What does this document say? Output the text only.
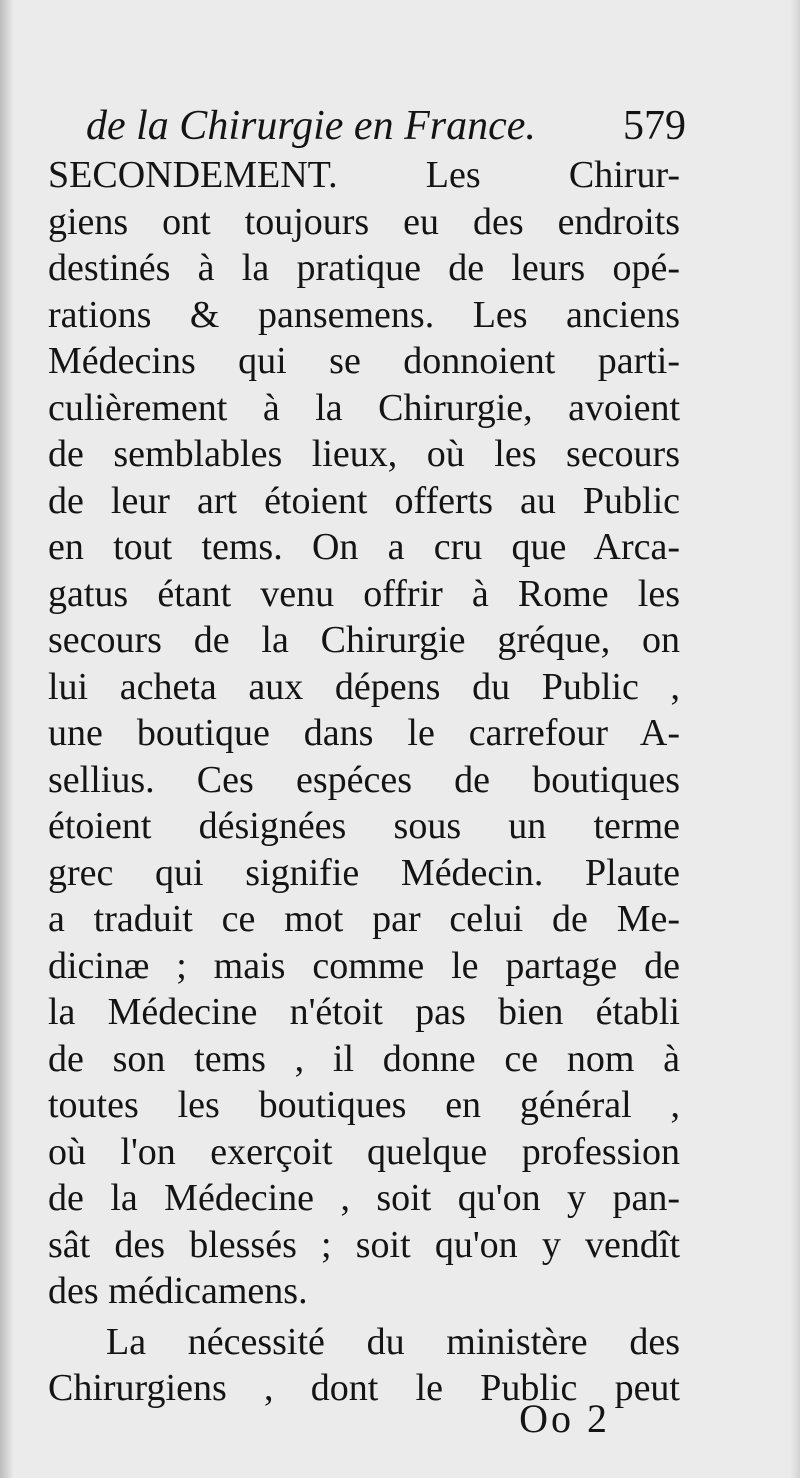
de la Chirurgie en France. 579
SECONDEMENT. Les Chirur-
giens ont toujours eu des endroits
destinés à la pratique de leurs opé-
rations & pansemens. Les anciens
Médecins qui se donnoient parti-
culièrement à la Chirurgie, avoient
de semblables lieux, où les secours
de leur art étoient offerts au Public
en tout tems. On a cru que Arca-
gatus étant venu offrir à Rome les
secours de la Chirurgie gréque, on
lui acheta aux dépens du Public ,
une boutique dans le carrefour A-
sellius. Ces espéces de boutiques
étoient désignées sous un terme
grec qui signifie Médecin. Plaute
a traduit ce mot par celui de Me-
dicinæ ; mais comme le partage de
la Médecine n'étoit pas bien établi
de son tems , il donne ce nom à
toutes les boutiques en général ,
où l'on exerçoit quelque profession
de la Médecine , soit qu'on y pan-
sât des blessés ; soit qu'on y vendît
des médicamens.
La nécessité du ministère des
Chirurgiens , dont le Public peut
Oo 2
